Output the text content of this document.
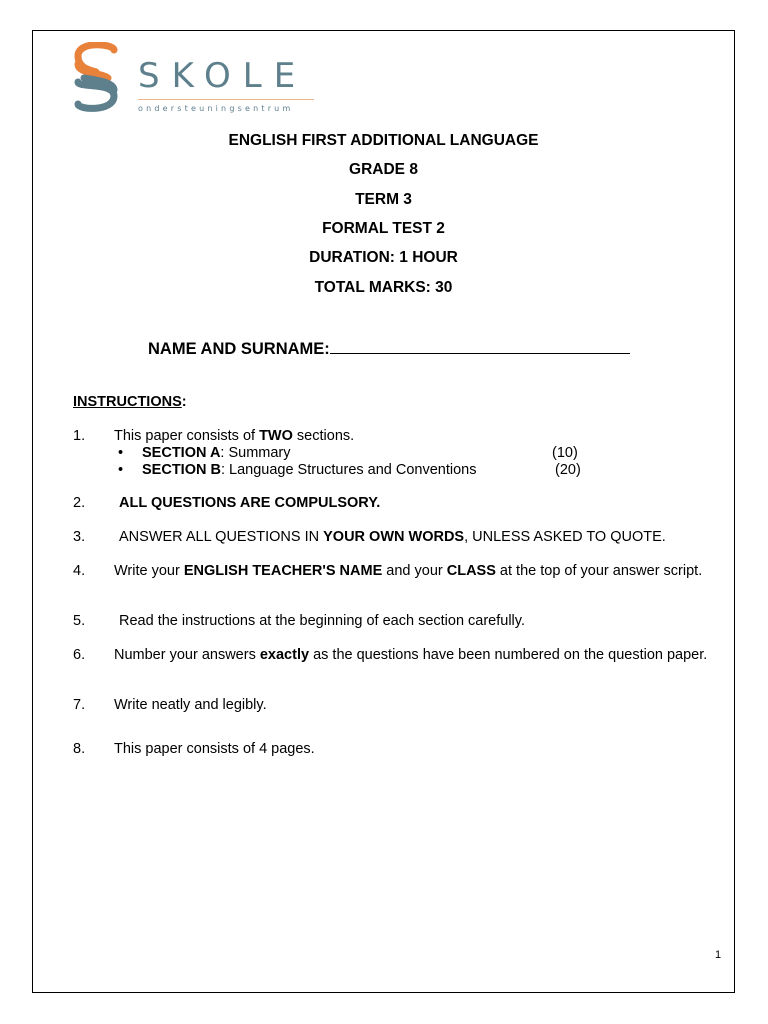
SKOLE
ondersteuningsentrum
ENGLISH FIRST ADDITIONAL LANGUAGE
GRADE 8
TERM 3
FORMAL TEST 2
DURATION: 1 HOUR
TOTAL MARKS: 30
NAME AND SURNAME:
INSTRUCTIONS:
1. This paper consists of TWO sections.
• SECTION A: Summary	(10)
• SECTION B: Language Structures and Conventions	(20)
2. ALL QUESTIONS ARE COMPULSORY.
3. ANSWER ALL QUESTIONS IN YOUR OWN WORDS, UNLESS ASKED TO QUOTE.
4. Write your ENGLISH TEACHER'S NAME and your CLASS at the top of your answer script.
5. Read the instructions at the beginning of each section carefully.
6. Number your answers exactly as the questions have been numbered on the question paper.
7. Write neatly and legibly.
8. This paper consists of 4 pages.
1
